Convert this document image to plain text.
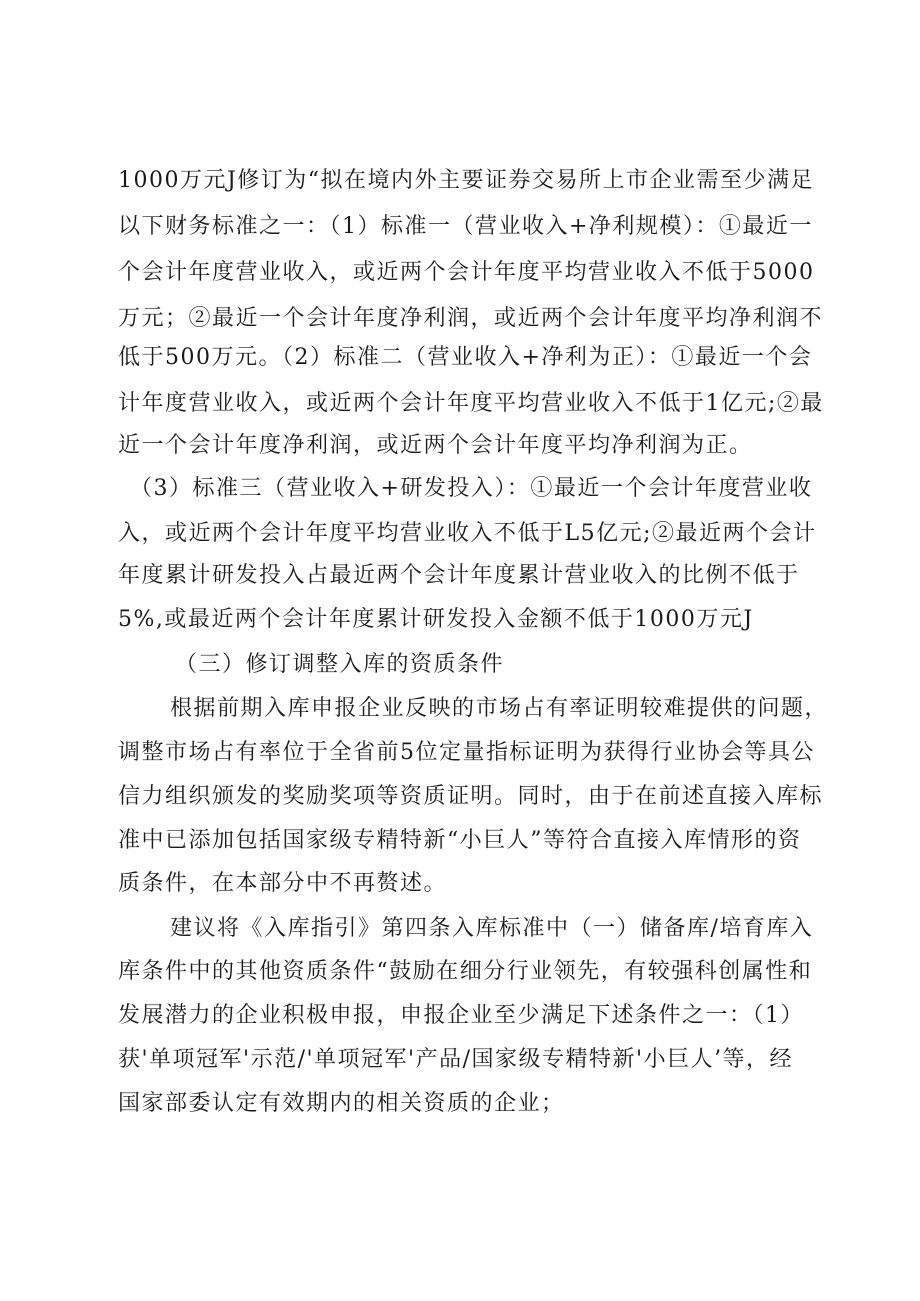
1000万元J修订为“拟在境内外主要证券交易所上市企业需至少满足
以下财务标准之一：（1）标准一（营业收入+净利规模）：①最近一
个会计年度营业收入，或近两个会计年度平均营业收入不低于5000
万元；②最近一个会计年度净利润，或近两个会计年度平均净利润不
低于500万元。（2）标准二（营业收入+净利为正）：①最近一个会
计年度营业收入，或近两个会计年度平均营业收入不低于1亿元;②最
近一个会计年度净利润，或近两个会计年度平均净利润为正。
（3）标准三（营业收入+研发投入）：①最近一个会计年度营业收
入，或近两个会计年度平均营业收入不低于L5亿元;②最近两个会计
年度累计研发投入占最近两个会计年度累计营业收入的比例不低于
5%,或最近两个会计年度累计研发投入金额不低于1000万元J
（三）修订调整入库的资质条件
根据前期入库申报企业反映的市场占有率证明较难提供的问题，
调整市场占有率位于全省前5位定量指标证明为获得行业协会等具公
信力组织颁发的奖励奖项等资质证明。同时，由于在前述直接入库标
准中已添加包括国家级专精特新“小巨人”等符合直接入库情形的资
质条件，在本部分中不再赘述。
建议将《入库指引》第四条入库标准中（一）储备库/培育库入
库条件中的其他资质条件“鼓励在细分行业领先，有较强科创属性和
发展潜力的企业积极申报，申报企业至少满足下述条件之一：（1）
获'单项冠军'示范/'单项冠军'产品/国家级专精特新'小巨人’等，经
国家部委认定有效期内的相关资质的企业；
